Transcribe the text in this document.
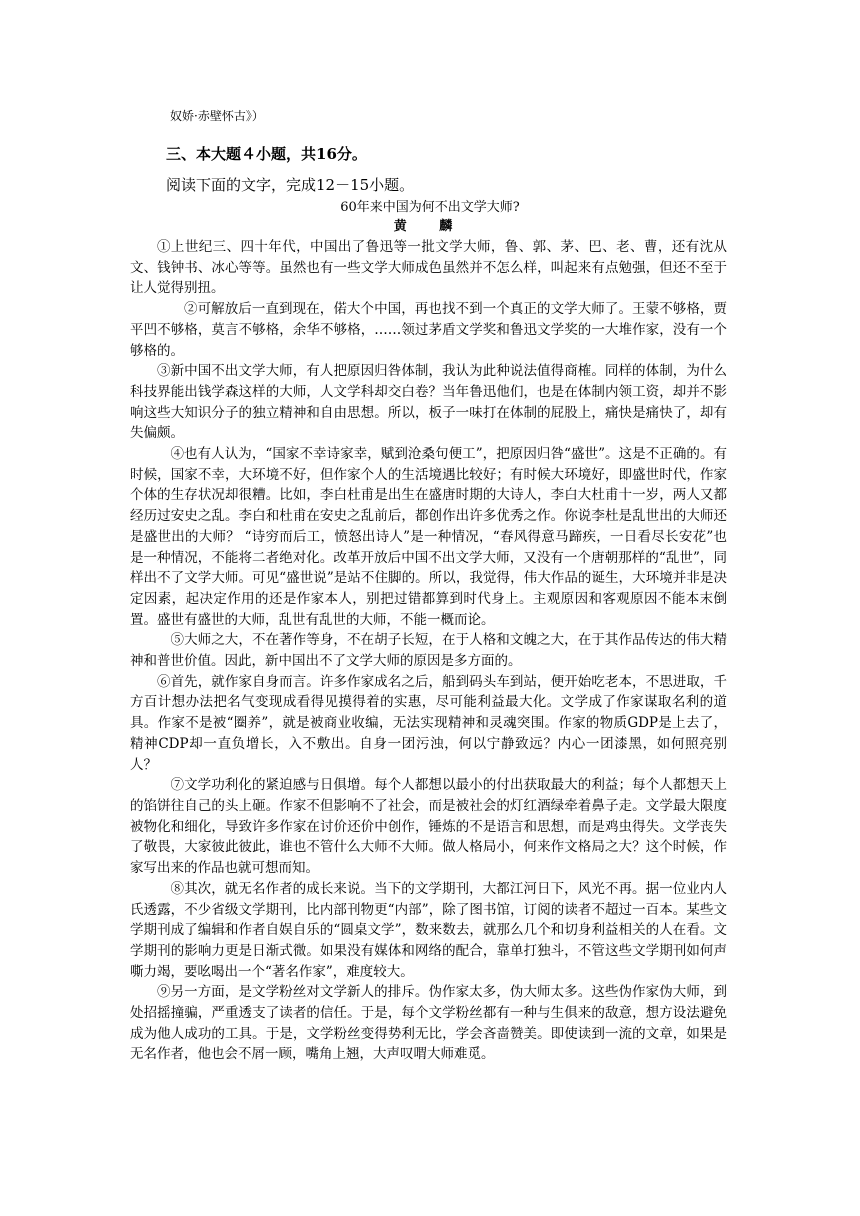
奴娇·赤壁怀古》）
三、本大题４小题，共16分。
阅读下面的文字，完成12－15小题。
60年来中国为何不出文学大师?
黄 麟

①上世纪三、四十年代，中国出了鲁迅等一批文学大师，鲁、郭、茅、巴、老、曹，还有沈从文、钱钟书、冰心等等。虽然也有一些文学大师成色虽然并不怎么样，叫起来有点勉强，但还不至于让人觉得别扭。

②可解放后一直到现在，偌大个中国，再也找不到一个真正的文学大师了。王蒙不够格，贾平凹不够格，莫言不够格，余华不够格，……领过茅盾文学奖和鲁迅文学奖的一大堆作家，没有一个够格的。

③新中国不出文学大师，有人把原因归咎体制，我认为此种说法值得商榷。同样的体制，为什么科技界能出钱学森这样的大师，人文学科却交白卷？当年鲁迅他们，也是在体制内领工资，却并不影响这些大知识分子的独立精神和自由思想。所以，板子一味打在体制的屁股上，痛快是痛快了，却有失偏颇。

④也有人认为，“国家不幸诗家幸，赋到沧桑句便工”，把原因归咎“盛世”。这是不正确的。有时候，国家不幸，大环境不好，但作家个人的生活境遇比较好；有时候大环境好，即盛世时代，作家个体的生存状况却很糟。比如，李白杜甫是出生在盛唐时期的大诗人，李白大杜甫十一岁，两人又都经历过安史之乱。李白和杜甫在安史之乱前后，都创作出许多优秀之作。你说李杜是乱世出的大师还是盛世出的大师？ “诗穷而后工，愤怒出诗人”是一种情况，“春风得意马蹄疾，一日看尽长安花”也是一种情况，不能将二者绝对化。改革开放后中国不出文学大师，又没有一个唐朝那样的“乱世”，同样出不了文学大师。可见“盛世说”是站不住脚的。所以，我觉得，伟大作品的诞生，大环境并非是决定因素，起决定作用的还是作家本人，别把过错都算到时代身上。主观原因和客观原因不能本末倒置。盛世有盛世的大师，乱世有乱世的大师，不能一概而论。

⑤大师之大，不在著作等身，不在胡子长短，在于人格和文魄之大，在于其作品传达的伟大精神和普世价值。因此，新中国出不了文学大师的原因是多方面的。

⑥首先，就作家自身而言。许多作家成名之后，船到码头车到站，便开始吃老本，不思进取，千方百计想办法把名气变现成看得见摸得着的实惠，尽可能利益最大化。文学成了作家谋取名利的道具。作家不是被“圈养”，就是被商业收编，无法实现精神和灵魂突围。作家的物质GDP是上去了，精神CDP却一直负增长，入不敷出。自身一团污浊，何以宁静致远？内心一团漆黑，如何照亮别人？

⑦文学功利化的紧迫感与日俱增。每个人都想以最小的付出获取最大的利益；每个人都想天上的馅饼往自己的头上砸。作家不但影响不了社会，而是被社会的灯红酒绿牵着鼻子走。文学最大限度被物化和细化，导致许多作家在讨价还价中创作，锤炼的不是语言和思想，而是鸡虫得失。文学丧失了敬畏，大家彼此彼此，谁也不管什么大师不大师。做人格局小，何来作文格局之大？这个时候，作家写出来的作品也就可想而知。

⑧其次，就无名作者的成长来说。当下的文学期刊，大都江河日下，风光不再。据一位业内人氏透露，不少省级文学期刊，比内部刊物更“内部”，除了图书馆，订阅的读者不超过一百本。某些文学期刊成了编辑和作者自娱自乐的“圆桌文学”，数来数去，就那么几个和切身利益相关的人在看。文学期刊的影响力更是日渐式微。如果没有媒体和网络的配合，靠单打独斗，不管这些文学期刊如何声嘶力竭，要吆喝出一个“著名作家”，难度较大。

⑨另一方面，是文学粉丝对文学新人的排斥。伪作家太多，伪大师太多。这些伪作家伪大师，到处招摇撞骗，严重透支了读者的信任。于是，每个文学粉丝都有一种与生俱来的敌意，想方设法避免成为他人成功的工具。于是，文学粉丝变得势利无比，学会吝啬赞美。即使读到一流的文章，如果是无名作者，他也会不屑一顾，嘴角上翘，大声叹喟大师难觅。
